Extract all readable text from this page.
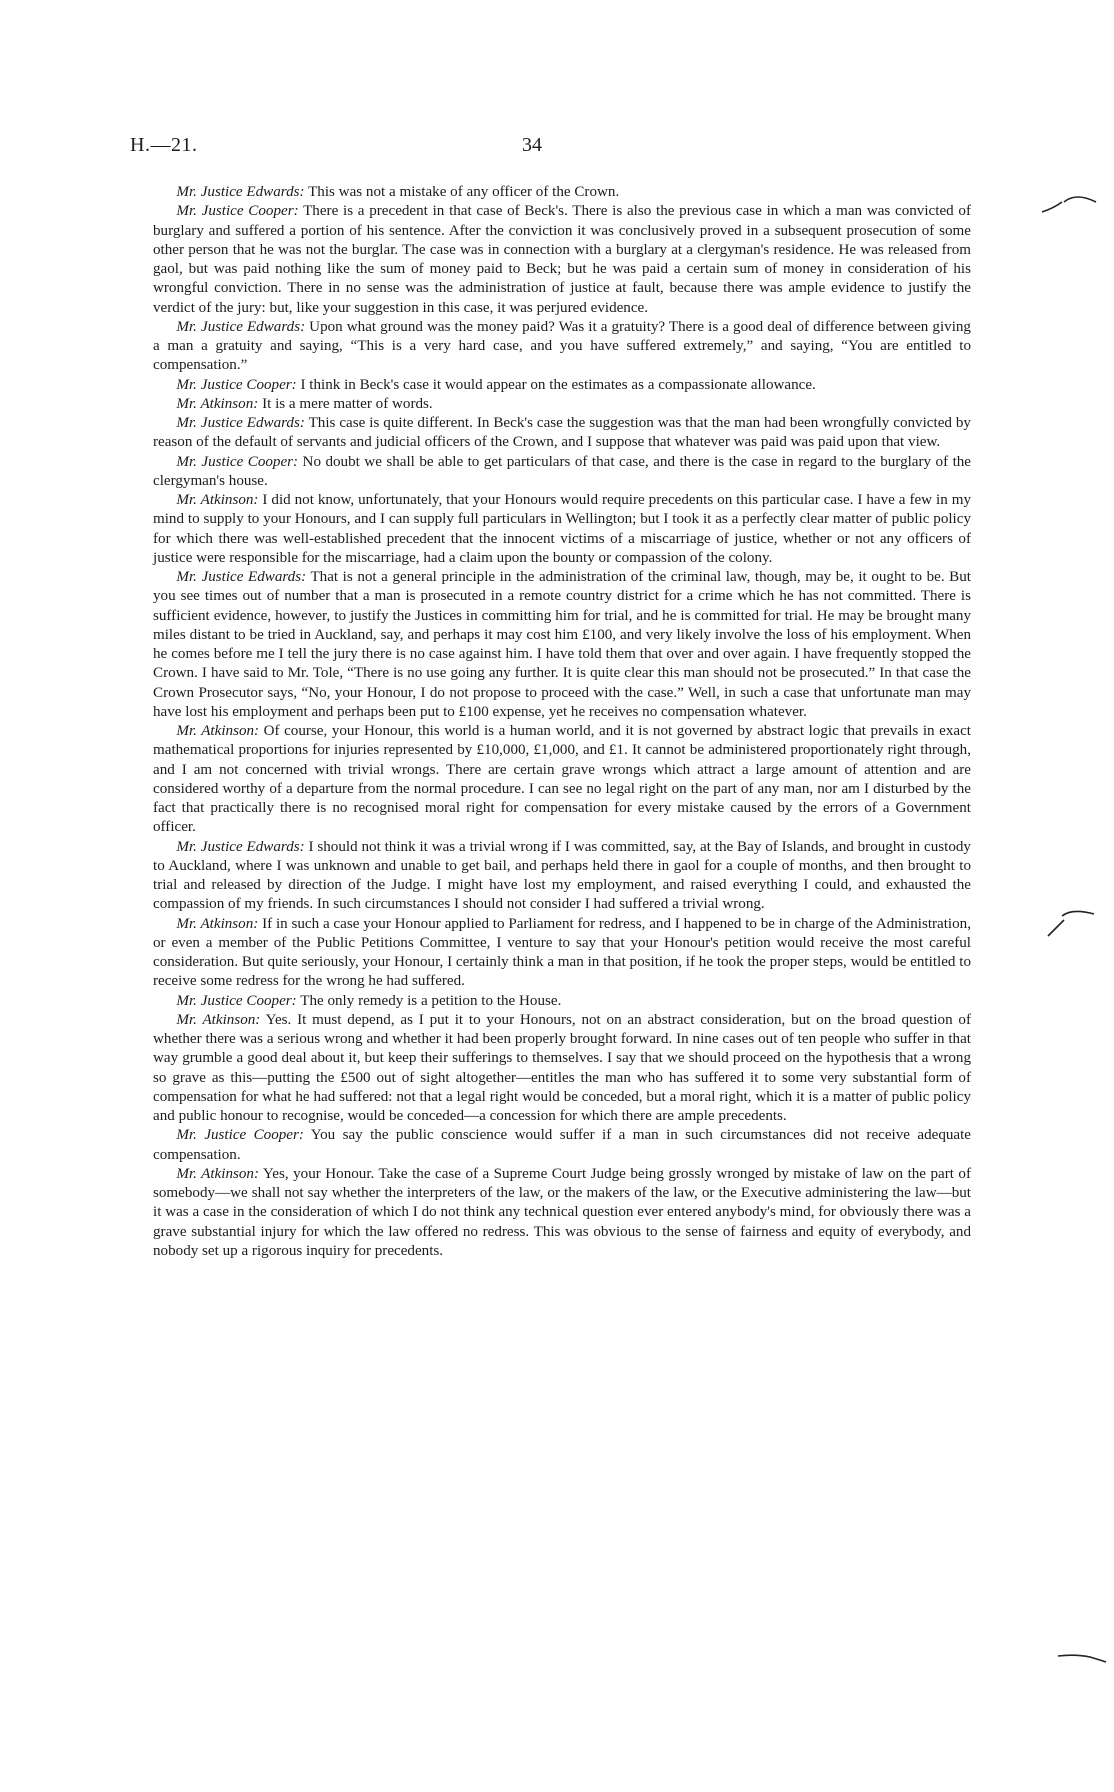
H.—21.	34

Mr. Justice Edwards: This was not a mistake of any officer of the Crown.

Mr. Justice Cooper: There is a precedent in that case of Beck's. There is also the previous case in which a man was convicted of burglary and suffered a portion of his sentence. After the conviction it was conclusively proved in a subsequent prosecution of some other person that he was not the burglar. The case was in connection with a burglary at a clergyman's residence. He was released from gaol, but was paid nothing like the sum of money paid to Beck; but he was paid a certain sum of money in consideration of his wrongful conviction. There in no sense was the administration of justice at fault, because there was ample evidence to justify the verdict of the jury: but, like your suggestion in this case, it was perjured evidence.

Mr. Justice Edwards: Upon what ground was the money paid? Was it a gratuity? There is a good deal of difference between giving a man a gratuity and saying, “This is a very hard case, and you have suffered extremely,” and saying, “You are entitled to compensation.”

Mr. Justice Cooper: I think in Beck's case it would appear on the estimates as a compassionate allowance.

Mr. Atkinson: It is a mere matter of words.

Mr. Justice Edwards: This case is quite different. In Beck's case the suggestion was that the man had been wrongfully convicted by reason of the default of servants and judicial officers of the Crown, and I suppose that whatever was paid was paid upon that view.

Mr. Justice Cooper: No doubt we shall be able to get particulars of that case, and there is the case in regard to the burglary of the clergyman's house.

Mr. Atkinson: I did not know, unfortunately, that your Honours would require precedents on this particular case. I have a few in my mind to supply to your Honours, and I can supply full particulars in Wellington; but I took it as a perfectly clear matter of public policy for which there was well-established precedent that the innocent victims of a miscarriage of justice, whether or not any officers of justice were responsible for the miscarriage, had a claim upon the bounty or compassion of the colony.

Mr. Justice Edwards: That is not a general principle in the administration of the criminal law, though, may be, it ought to be. But you see times out of number that a man is prosecuted in a remote country district for a crime which he has not committed. There is sufficient evidence, however, to justify the Justices in committing him for trial, and he is committed for trial. He may be brought many miles distant to be tried in Auckland, say, and perhaps it may cost him £100, and very likely involve the loss of his employment. When he comes before me I tell the jury there is no case against him. I have told them that over and over again. I have frequently stopped the Crown. I have said to Mr. Tole, “There is no use going any further. It is quite clear this man should not be prosecuted.” In that case the Crown Prosecutor says, “No, your Honour, I do not propose to proceed with the case.” Well, in such a case that unfortunate man may have lost his employment and perhaps been put to £100 expense, yet he receives no compensation whatever.

Mr. Atkinson: Of course, your Honour, this world is a human world, and it is not governed by abstract logic that prevails in exact mathematical proportions for injuries represented by £10,000, £1,000, and £1. It cannot be administered proportionately right through, and I am not concerned with trivial wrongs. There are certain grave wrongs which attract a large amount of attention and are considered worthy of a departure from the normal procedure. I can see no legal right on the part of any man, nor am I disturbed by the fact that practically there is no recognised moral right for compensation for every mistake caused by the errors of a Government officer.

Mr. Justice Edwards: I should not think it was a trivial wrong if I was committed, say, at the Bay of Islands, and brought in custody to Auckland, where I was unknown and unable to get bail, and perhaps held there in gaol for a couple of months, and then brought to trial and released by direction of the Judge. I might have lost my employment, and raised everything I could, and exhausted the compassion of my friends. In such circumstances I should not consider I had suffered a trivial wrong.

Mr. Atkinson: If in such a case your Honour applied to Parliament for redress, and I happened to be in charge of the Administration, or even a member of the Public Petitions Committee, I venture to say that your Honour's petition would receive the most careful consideration. But quite seriously, your Honour, I certainly think a man in that position, if he took the proper steps, would be entitled to receive some redress for the wrong he had suffered.

Mr. Justice Cooper: The only remedy is a petition to the House.

Mr. Atkinson: Yes. It must depend, as I put it to your Honours, not on an abstract consideration, but on the broad question of whether there was a serious wrong and whether it had been properly brought forward. In nine cases out of ten people who suffer in that way grumble a good deal about it, but keep their sufferings to themselves. I say that we should proceed on the hypothesis that a wrong so grave as this—putting the £500 out of sight altogether—entitles the man who has suffered it to some very substantial form of compensation for what he had suffered: not that a legal right would be conceded, but a moral right, which it is a matter of public policy and public honour to recognise, would be conceded—a concession for which there are ample precedents.

Mr. Justice Cooper: You say the public conscience would suffer if a man in such circumstances did not receive adequate compensation.

Mr. Atkinson: Yes, your Honour. Take the case of a Supreme Court Judge being grossly wronged by mistake of law on the part of somebody—we shall not say whether the interpreters of the law, or the makers of the law, or the Executive administering the law—but it was a case in the consideration of which I do not think any technical question ever entered anybody's mind, for obviously there was a grave substantial injury for which the law offered no redress. This was obvious to the sense of fairness and equity of everybody, and nobody set up a rigorous inquiry for precedents.
